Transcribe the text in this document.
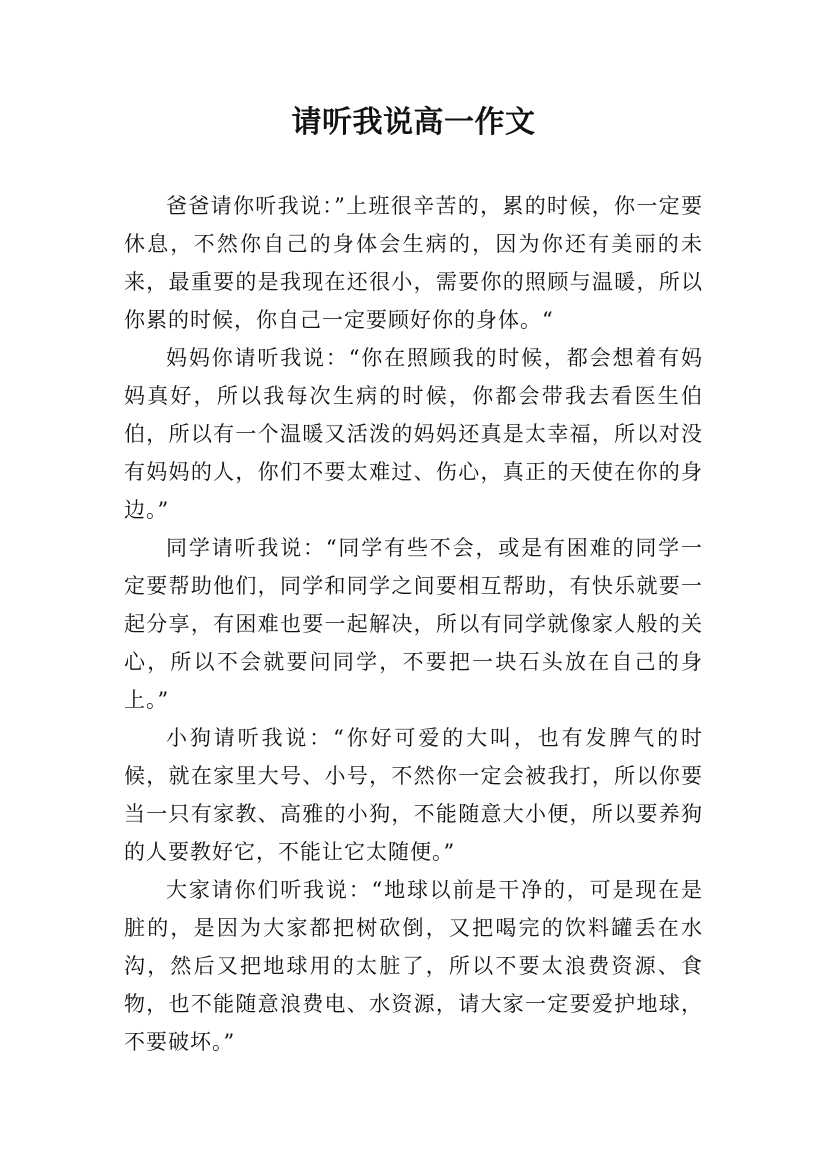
请听我说高一作文

爸爸请你听我说：”上班很辛苦的，累的时候，你一定要休息，不然你自己的身体会生病的，因为你还有美丽的未来，最重要的是我现在还很小，需要你的照顾与温暖，所以你累的时候，你自己一定要顾好你的身体。“

妈妈你请听我说：“你在照顾我的时候，都会想着有妈妈真好，所以我每次生病的时候，你都会带我去看医生伯伯，所以有一个温暖又活泼的妈妈还真是太幸福，所以对没有妈妈的人，你们不要太难过、伤心，真正的天使在你的身边。”

同学请听我说：“同学有些不会，或是有困难的同学一定要帮助他们，同学和同学之间要相互帮助，有快乐就要一起分享，有困难也要一起解决，所以有同学就像家人般的关心，所以不会就要问同学，不要把一块石头放在自己的身上。”

小狗请听我说：“你好可爱的大叫，也有发脾气的时候，就在家里大号、小号，不然你一定会被我打，所以你要当一只有家教、高雅的小狗，不能随意大小便，所以要养狗的人要教好它，不能让它太随便。”

大家请你们听我说：“地球以前是干净的，可是现在是脏的，是因为大家都把树砍倒，又把喝完的饮料罐丢在水沟，然后又把地球用的太脏了，所以不要太浪费资源、食物，也不能随意浪费电、水资源，请大家一定要爱护地球，不要破坏。”
